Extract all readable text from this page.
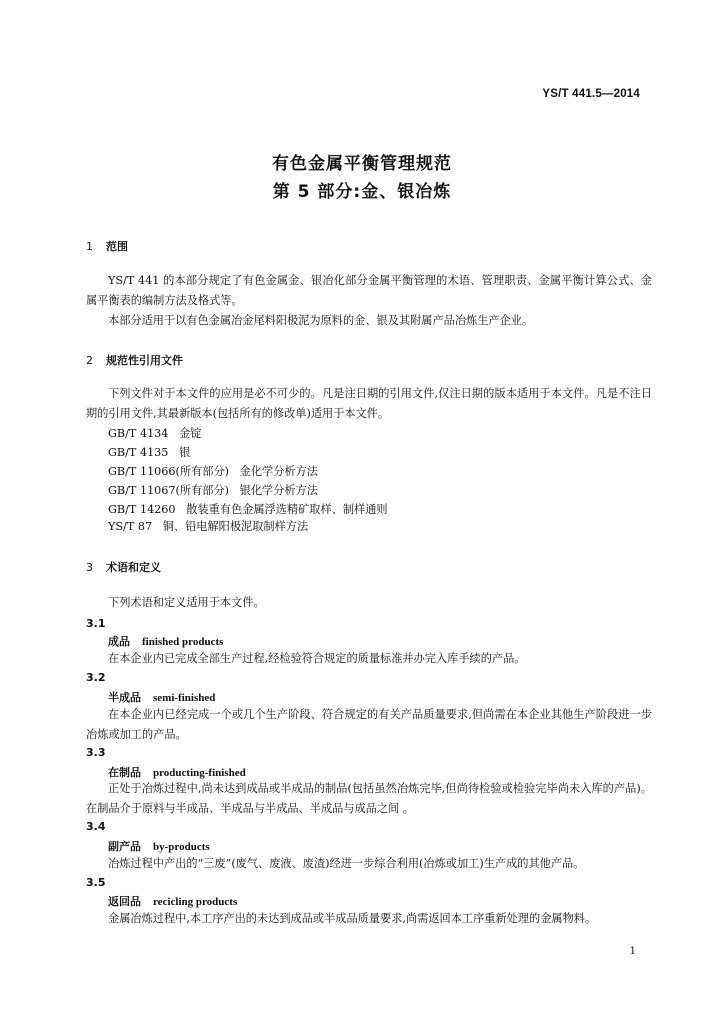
YS/T 441.5—2014
有色金属平衡管理规范
第 5 部分:金、银冶炼
1 范围
YS/T 441 的本部分规定了有色金属金、银冶化部分金属平衡管理的术语、管理职责、金属平衡计算公式、金属平衡表的编制方法及格式等。
本部分适用于以有色金属冶金尾料阳极泥为原料的金、银及其附属产品冶炼生产企业。
2 规范性引用文件
下列文件对于本文件的应用是必不可少的。凡是注日期的引用文件,仅注日期的版本适用于本文件。凡是不注日期的引用文件,其最新版本(包括所有的修改单)适用于本文件。
GB/T 4134   金锭
GB/T 4135   银
GB/T 11066(所有部分)   金化学分析方法
GB/T 11067(所有部分)   银化学分析方法
GB/T 14260   散装重有色金属浮选精矿取样、制样通则
YS/T 87   铜、铅电解阳极泥取制样方法
3 术语和定义
下列术语和定义适用于本文件。
3.1
成品 finished products
在本企业内已完成全部生产过程,经检验符合规定的质量标准并办完入库手续的产品。
3.2
半成品 semi-finished
在本企业内已经完成一个或几个生产阶段、符合规定的有关产品质量要求,但尚需在本企业其他生产阶段进一步冶炼或加工的产品。
3.3
在制品 producting-finished
正处于冶炼过程中,尚未达到成品或半成品的制品(包括虽然冶炼完毕,但尚待检验或检验完毕尚未入库的产品)。在制品介于原料与半成品、半成品与半成品、半成品与成品之间 。
3.4
副产品 by-products
冶炼过程中产出的“三废”(废气、废液、废渣)经进一步综合利用(冶炼或加工)生产成的其他产品。
3.5
返回品 recicling products
金属冶炼过程中,本工序产出的未达到成品或半成品质量要求,尚需返回本工序重新处理的金属物料。
1
